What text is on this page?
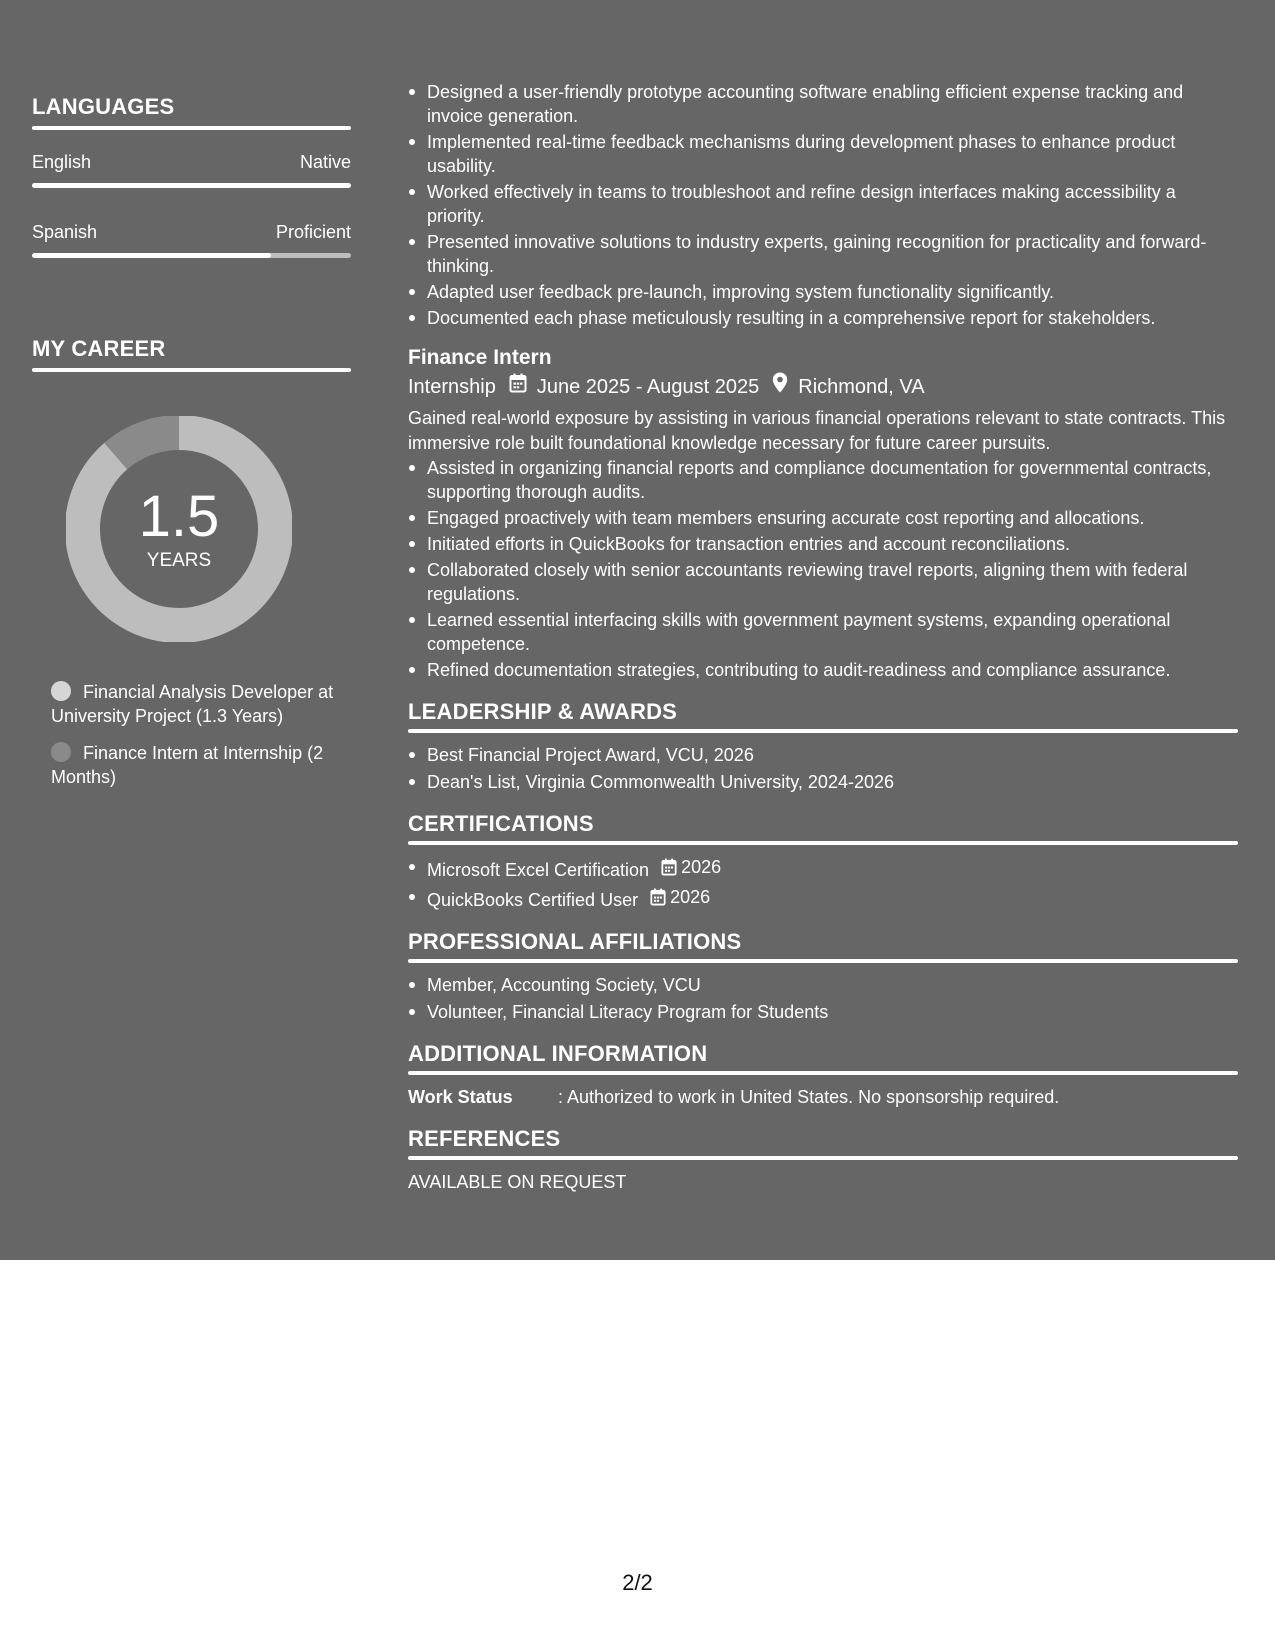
LANGUAGES
English	Native
Spanish	Proficient
MY CAREER
1.5
YEARS
Financial Analysis Developer at University Project (1.3 Years)
Finance Intern at Internship (2 Months)
Designed a user-friendly prototype accounting software enabling efficient expense tracking and invoice generation.
Implemented real-time feedback mechanisms during development phases to enhance product usability.
Worked effectively in teams to troubleshoot and refine design interfaces making accessibility a priority.
Presented innovative solutions to industry experts, gaining recognition for practicality and forward-thinking.
Adapted user feedback pre-launch, improving system functionality significantly.
Documented each phase meticulously resulting in a comprehensive report for stakeholders.
Finance Intern
Internship June 2025 - August 2025 Richmond, VA
Gained real-world exposure by assisting in various financial operations relevant to state contracts. This immersive role built foundational knowledge necessary for future career pursuits.
Assisted in organizing financial reports and compliance documentation for governmental contracts, supporting thorough audits.
Engaged proactively with team members ensuring accurate cost reporting and allocations.
Initiated efforts in QuickBooks for transaction entries and account reconciliations.
Collaborated closely with senior accountants reviewing travel reports, aligning them with federal regulations.
Learned essential interfacing skills with government payment systems, expanding operational competence.
Refined documentation strategies, contributing to audit-readiness and compliance assurance.
LEADERSHIP & AWARDS
Best Financial Project Award, VCU, 2026
Dean's List, Virginia Commonwealth University, 2024-2026
CERTIFICATIONS
Microsoft Excel Certification 2026
QuickBooks Certified User 2026
PROFESSIONAL AFFILIATIONS
Member, Accounting Society, VCU
Volunteer, Financial Literacy Program for Students
ADDITIONAL INFORMATION
Work Status	: Authorized to work in United States. No sponsorship required.
REFERENCES
AVAILABLE ON REQUEST
2/2
